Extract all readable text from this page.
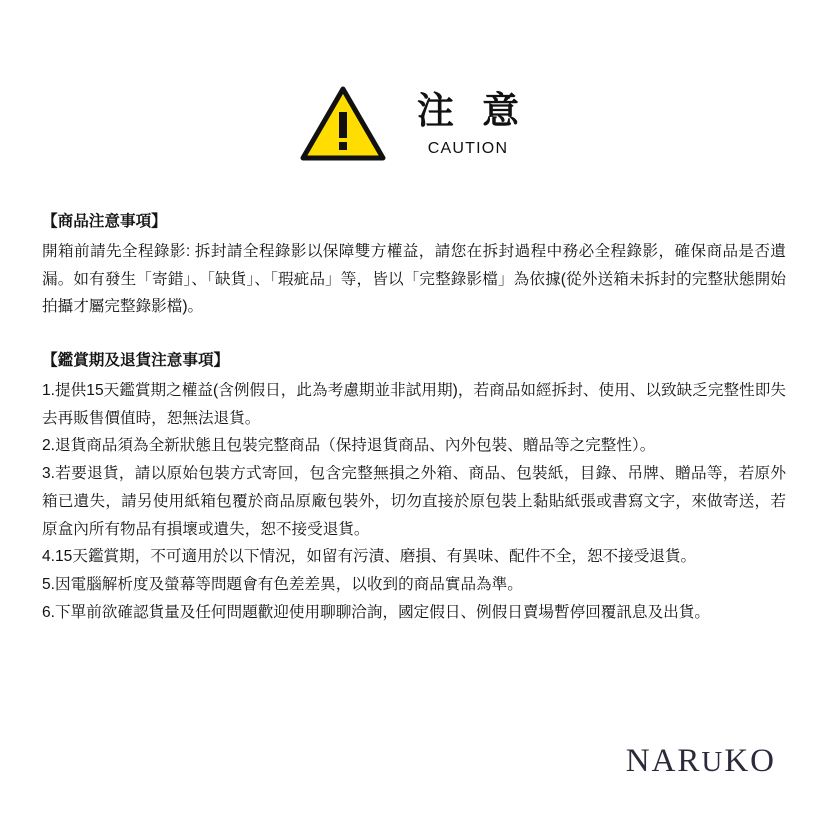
注 意
CAUTION
【商品注意事項】

開箱前請先全程錄影: 拆封請全程錄影以保障雙方權益，請您在拆封過程中務必全程錄影，確保商品是否遺漏。如有發生「寄錯」、「缺貨」、「瑕疵品」等，皆以「完整錄影檔」為依據(從外送箱未拆封的完整狀態開始拍攝才屬完整錄影檔)。

【鑑賞期及退貨注意事項】

1.提供15天鑑賞期之權益(含例假日，此為考慮期並非試用期)，若商品如經拆封、使用、以致缺乏完整性即失去再販售價值時，恕無法退貨。

2.退貨商品須為全新狀態且包裝完整商品（保持退貨商品、內外包裝、贈品等之完整性）。

3.若要退貨，請以原始包裝方式寄回，包含完整無損之外箱、商品、包裝紙，目錄、吊牌、贈品等，若原外箱已遺失，請另使用紙箱包覆於商品原廠包裝外，切勿直接於原包裝上黏貼紙張或書寫文字，來做寄送，若原盒內所有物品有損壞或遺失，恕不接受退貨。

4.15天鑑賞期，不可適用於以下情況，如留有污漬、磨損、有異味、配件不全，恕不接受退貨。

5.因電腦解析度及螢幕等問題會有色差差異，以收到的商品實品為準。

6.下單前欲確認貨量及任何問題歡迎使用聊聊洽詢，國定假日、例假日賣場暫停回覆訊息及出貨。

NARUKO
